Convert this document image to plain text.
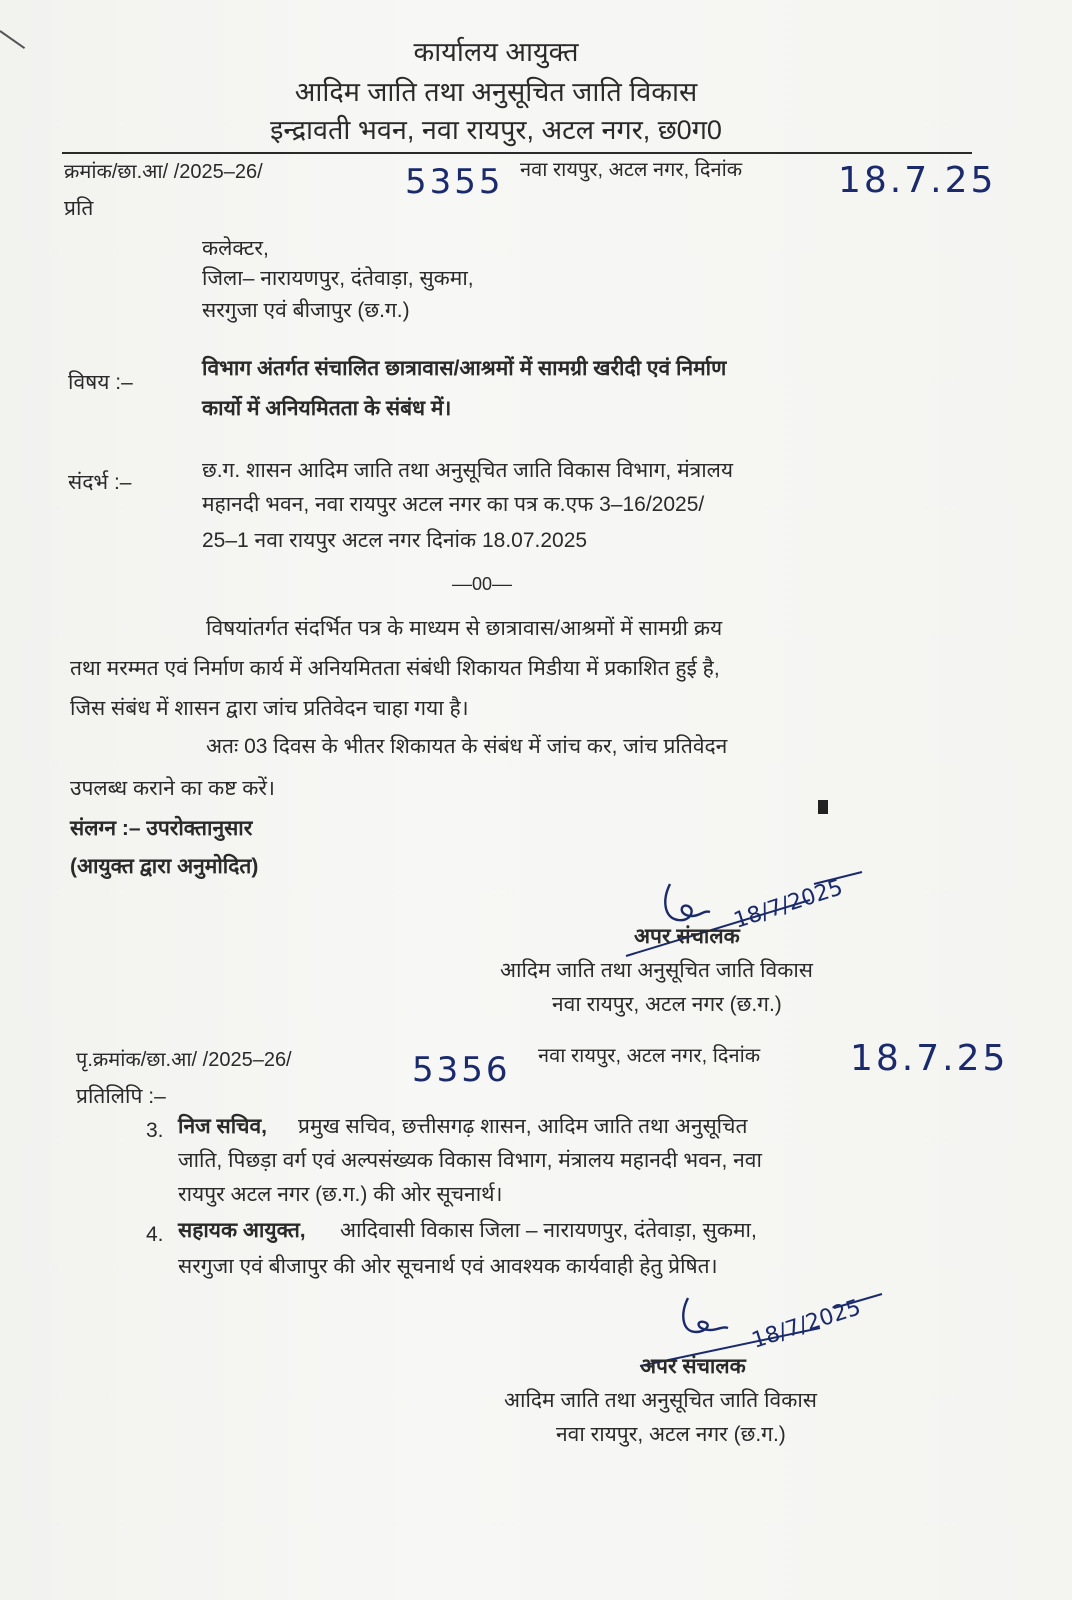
कार्यालय आयुक्त
आदिम जाति तथा अनुसूचित जाति विकास
इन्द्रावती भवन, नवा रायपुर, अटल नगर, छ0ग0
क्रमांक/छा.आ/ /2025–26/	5355 नवा रायपुर, अटल नगर, दिनांक	18.7.25
प्रति
कलेक्टर,
जिला– नारायणपुर, दंतेवाड़ा, सुकमा,
सरगुजा एवं बीजापुर (छ.ग.)
विषय :–
विभाग अंतर्गत संचालित छात्रावास/आश्रमों में सामग्री खरीदी एवं निर्माण
कार्यो में अनियमितता के संबंध में।
संदर्भ :–
छ.ग. शासन आदिम जाति तथा अनुसूचित जाति विकास विभाग, मंत्रालय
महानदी भवन, नवा रायपुर अटल नगर का पत्र क.एफ 3–16/2025/
25–1 नवा रायपुर अटल नगर दिनांक 18.07.2025
––00––
विषयांतर्गत संदर्भित पत्र के माध्यम से छात्रावास/आश्रमों में सामग्री क्रय
तथा मरम्मत एवं निर्माण कार्य में अनियमितता संबंधी शिकायत मिडीया में प्रकाशित हुई है,
जिस संबंध में शासन द्वारा जांच प्रतिवेदन चाहा गया है।
अतः 03 दिवस के भीतर शिकायत के संबंध में जांच कर, जांच प्रतिवेदन
उपलब्ध कराने का कष्ट करें।
संलग्न :– उपरोक्तानुसार
(आयुक्त द्वारा अनुमोदित)
18/7/2025
अपर संचालक
आदिम जाति तथा अनुसूचित जाति विकास
नवा रायपुर, अटल नगर (छ.ग.)
पृ.क्रमांक/छा.आ/ /2025–26/	5356 नवा रायपुर, अटल नगर, दिनांक 18.7.25
प्रतिलिपि :–
3. निज सचिव, प्रमुख सचिव, छत्तीसगढ़ शासन, आदिम जाति तथा अनुसूचित
जाति, पिछड़ा वर्ग एवं अल्पसंख्यक विकास विभाग, मंत्रालय महानदी भवन, नवा
रायपुर अटल नगर (छ.ग.) की ओर सूचनार्थ।
4. सहायक आयुक्त, आदिवासी विकास जिला – नारायणपुर, दंतेवाड़ा, सुकमा,
सरगुजा एवं बीजापुर की ओर सूचनार्थ एवं आवश्यक कार्यवाही हेतु प्रेषित।
18/7/2025
अपर संचालक
आदिम जाति तथा अनुसूचित जाति विकास
नवा रायपुर, अटल नगर (छ.ग.)
